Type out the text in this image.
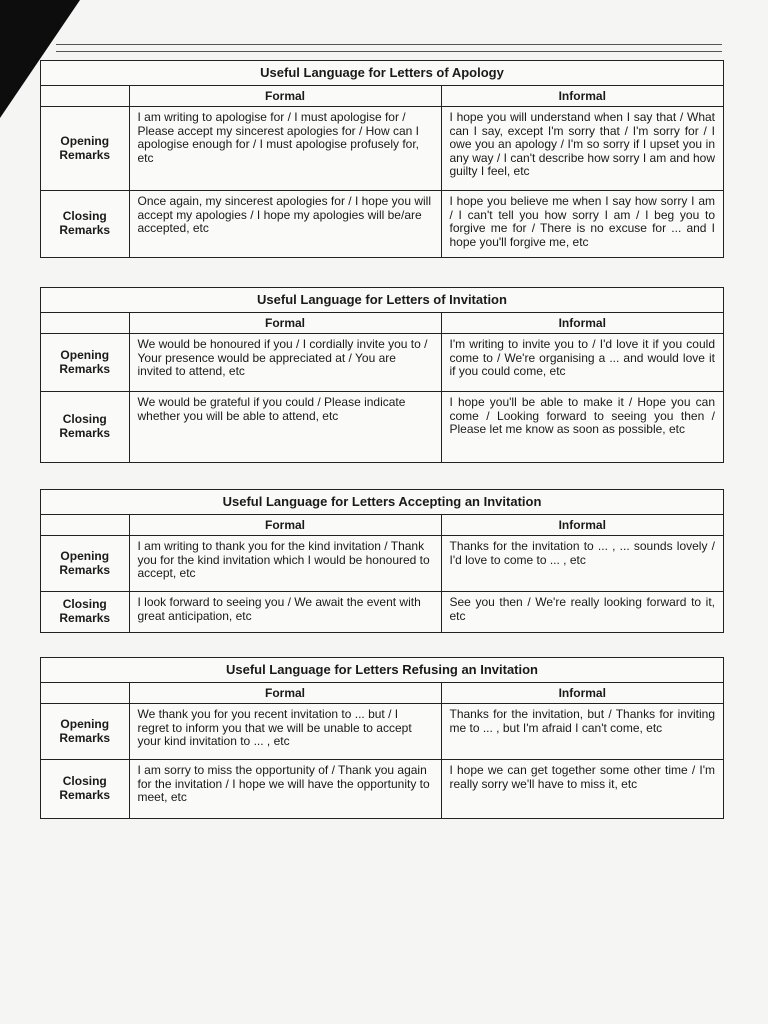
Useful Language for Letters of Apology
	Formal	Informal
Opening Remarks	I am writing to apologise for / I must apologise for / Please accept my sincerest apologies for / How can I apologise enough for / I must apologise profusely for, etc	I hope you will understand when I say that / What can I say, except I'm sorry that / I'm sorry for / I owe you an apology / I'm so sorry if I upset you in any way / I can't describe how sorry I am and how guilty I feel, etc
Closing Remarks	Once again, my sincerest apologies for / I hope you will accept my apologies / I hope my apologies will be/are accepted, etc	I hope you believe me when I say how sorry I am / I can't tell you how sorry I am / I beg you to forgive me for / There is no excuse for ... and I hope you'll forgive me, etc
Useful Language for Letters of Invitation
	Formal	Informal
Opening Remarks	We would be honoured if you / I cordially invite you to / Your presence would be appreciated at / You are invited to attend, etc	I'm writing to invite you to / I'd love it if you could come to / We're organising a ... and would love it if you could come, etc
Closing Remarks	We would be grateful if you could / Please indicate whether you will be able to attend, etc	I hope you'll be able to make it / Hope you can come / Looking forward to seeing you then / Please let me know as soon as possible, etc
Useful Language for Letters Accepting an Invitation
	Formal	Informal
Opening Remarks	I am writing to thank you for the kind invitation / Thank you for the kind invitation which I would be honoured to accept, etc	Thanks for the invitation to ... , ... sounds lovely / I'd love to come to ... , etc
Closing Remarks	I look forward to seeing you / We await the event with great anticipation, etc	See you then / We're really looking forward to it, etc
Useful Language for Letters Refusing an Invitation
	Formal	Informal
Opening Remarks	We thank you for you recent invitation to ... but / I regret to inform you that we will be unable to accept your kind invitation to ... , etc	Thanks for the invitation, but / Thanks for inviting me to ... , but I'm afraid I can't come, etc
Closing Remarks	I am sorry to miss the opportunity of / Thank you again for the invitation / I hope we will have the opportunity to meet, etc	I hope we can get together some other time / I'm really sorry we'll have to miss it, etc
